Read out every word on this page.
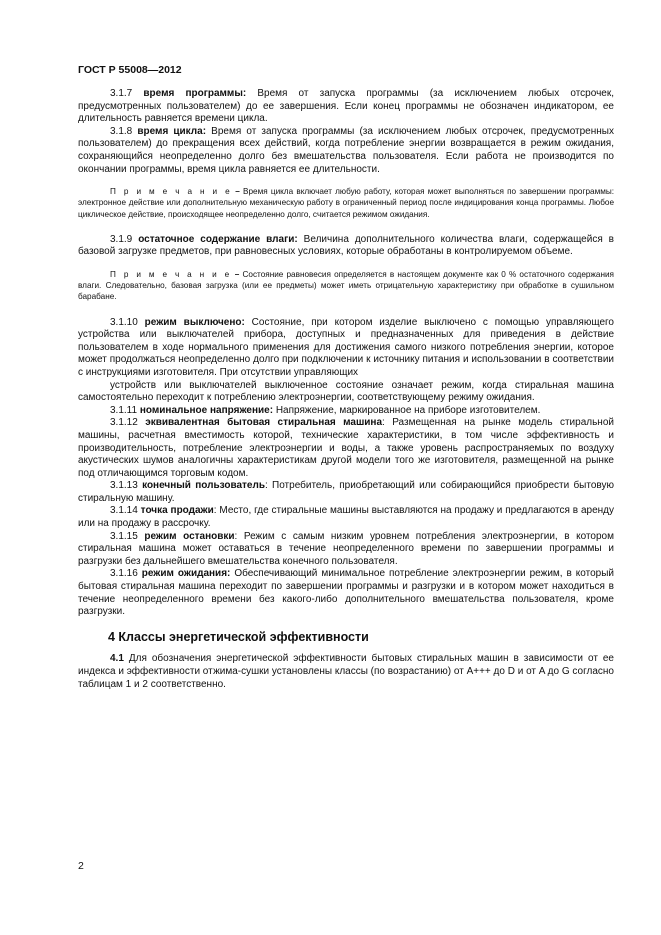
ГОСТ Р 55008—2012

3.1.7 время программы: Время от запуска программы (за исключением любых отсрочек, предусмотренных пользователем) до ее завершения. Если конец программы не обозначен индикатором, ее длительность равняется времени цикла.

3.1.8 время цикла: Время от запуска программы (за исключением любых отсрочек, предусмотренных пользователем) до прекращения всех действий, когда потребление энергии возвращается в режим ожидания, сохраняющийся неопределенно долго без вмешательства пользователя. Если работа не производится по окончании программы, время цикла равняется ее длительности.

П р и м е ч а н и е – Время цикла включает любую работу, которая может выполняться по завершении программы: электронное действие или дополнительную механическую работу в ограниченный период после индицирования конца программы. Любое циклическое действие, происходящее неопределенно долго, считается режимом ожидания.

3.1.9 остаточное содержание влаги: Величина дополнительного количества влаги, содержащейся в базовой загрузке предметов, при равновесных условиях, которые обработаны в контролируемом объеме.

П р и м е ч а н и е – Состояние равновесия определяется в настоящем документе как 0 % остаточного содержания влаги. Следовательно, базовая загрузка (или ее предметы) может иметь отрицательную характеристику при обработке в сушильном барабане.

3.1.10 режим выключено: Состояние, при котором изделие выключено с помощью управляющего устройства или выключателей прибора, доступных и предназначенных для приведения в действие пользователем в ходе нормального применения для достижения самого низкого потребления энергии, которое может продолжаться неопределенно долго при подключении к источнику питания и использовании в соответствии с инструкциями изготовителя. При отсутствии управляющих

устройств или выключателей выключенное состояние означает режим, когда стиральная машина самостоятельно переходит к потреблению электроэнергии, соответствующему режиму ожидания.

3.1.11 номинальное напряжение: Напряжение, маркированное на приборе изготовителем.

3.1.12 эквивалентная бытовая стиральная машина: Размещенная на рынке модель стиральной машины, расчетная вместимость которой, технические характеристики, в том числе эффективность и производительность, потребление электроэнергии и воды, а также уровень распространяемых по воздуху акустических шумов аналогичны характеристикам другой модели того же изготовителя, размещенной на рынке под отличающимся торговым кодом.

3.1.13 конечный пользователь: Потребитель, приобретающий или собирающийся приобрести бытовую стиральную машину.

3.1.14 точка продажи: Место, где стиральные машины выставляются на продажу и предлагаются в аренду или на продажу в рассрочку.

3.1.15 режим остановки: Режим с самым низким уровнем потребления электроэнергии, в котором стиральная машина может оставаться в течение неопределенного времени по завершении программы и разгрузки без дальнейшего вмешательства конечного пользователя.

3.1.16 режим ожидания: Обеспечивающий минимальное потребление электроэнергии режим, в который бытовая стиральная машина переходит по завершении программы и разгрузки и в котором может находиться в течение неопределенного времени без какого-либо дополнительного вмешательства пользователя, кроме разгрузки.

4 Классы энергетической эффективности

4.1 Для обозначения энергетической эффективности бытовых стиральных машин в зависимости от ее индекса и эффективности отжима-сушки установлены классы (по возрастанию) от A+++ до D и от A до G согласно таблицам 1 и 2 соответственно.

2
